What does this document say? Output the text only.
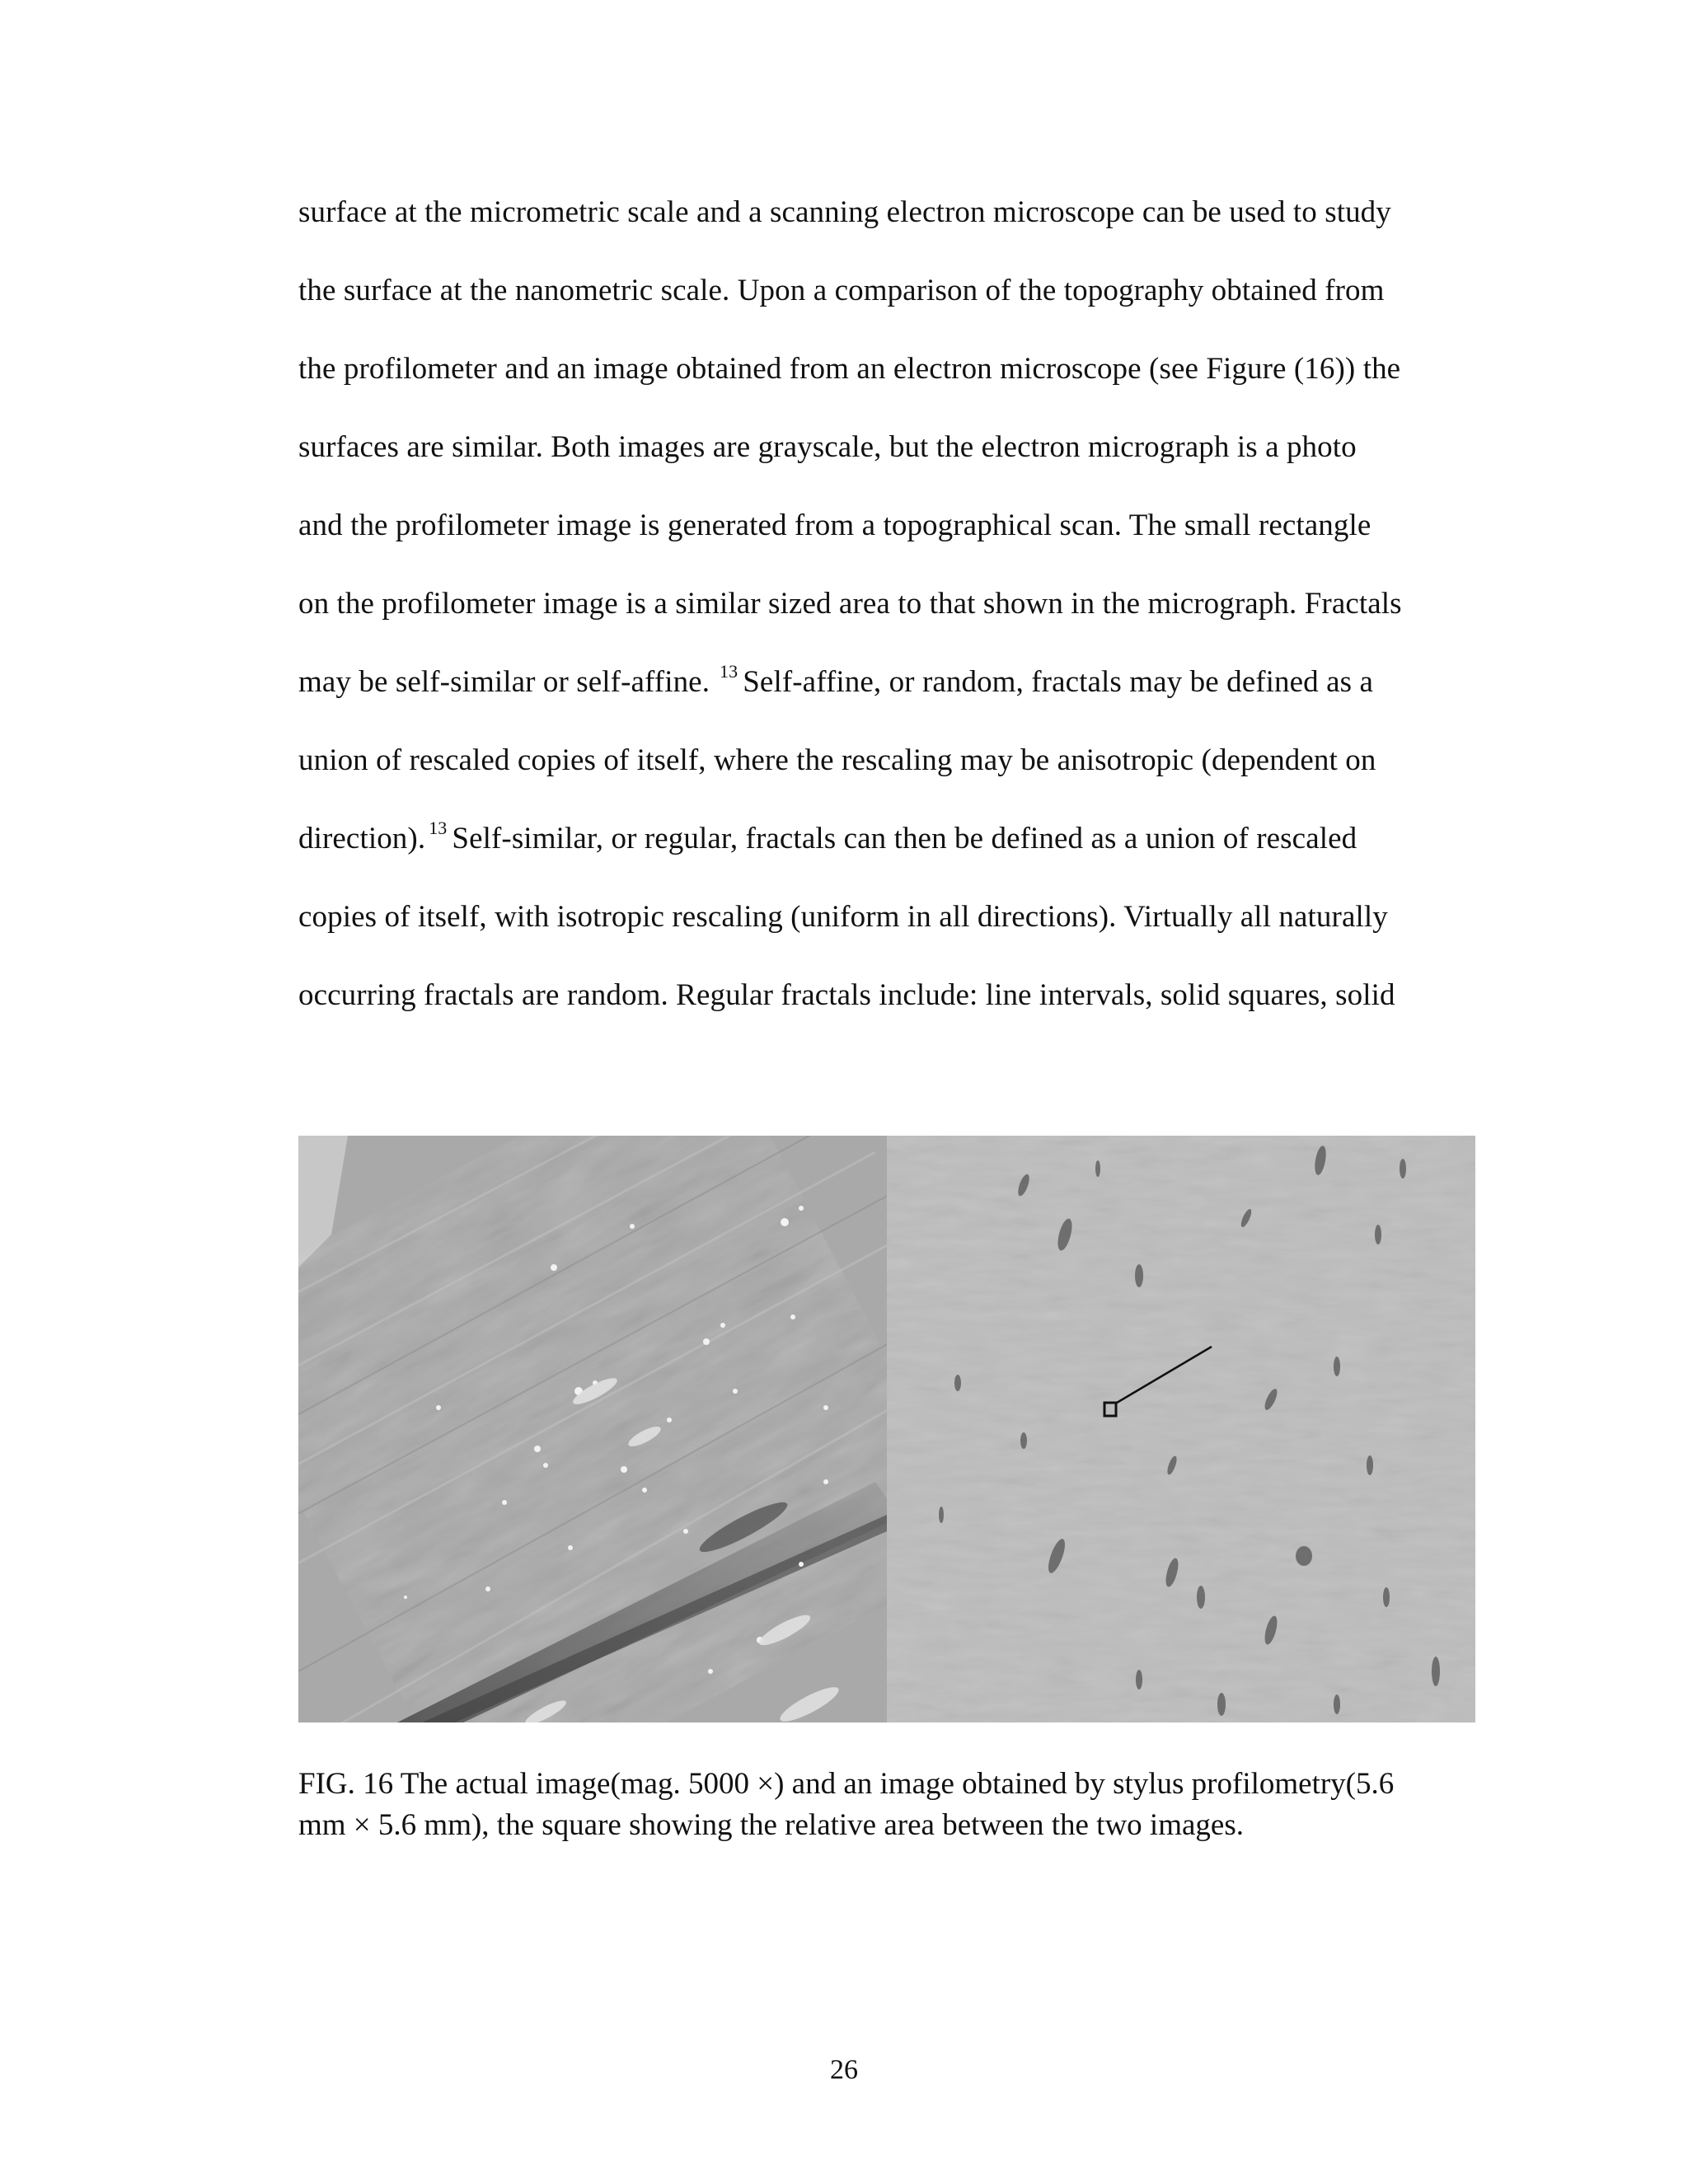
surface at the micrometric scale and a scanning electron microscope can be used to study
the surface at the nanometric scale. Upon a comparison of the topography obtained from
the profilometer and an image obtained from an electron microscope (see Figure (16)) the
surfaces are similar. Both images are grayscale, but the electron micrograph is a photo
and the profilometer image is generated from a topographical scan. The small rectangle
on the profilometer image is a similar sized area to that shown in the micrograph. Fractals
may be self-similar or self-affine. $^{13}$ Self-affine, or random, fractals may be defined as a
union of rescaled copies of itself, where the rescaling may be anisotropic (dependent on
direction). $^{13}$ Self-similar, or regular, fractals can then be defined as a union of rescaled
copies of itself, with isotropic rescaling (uniform in all directions). Virtually all naturally
occurring fractals are random. Regular fractals include: line intervals, solid squares, solid
FIG. 16 The actual image(mag. 5000 ×) and an image obtained by stylus profilometry(5.6
mm × 5.6 mm), the square showing the relative area between the two images.
26
